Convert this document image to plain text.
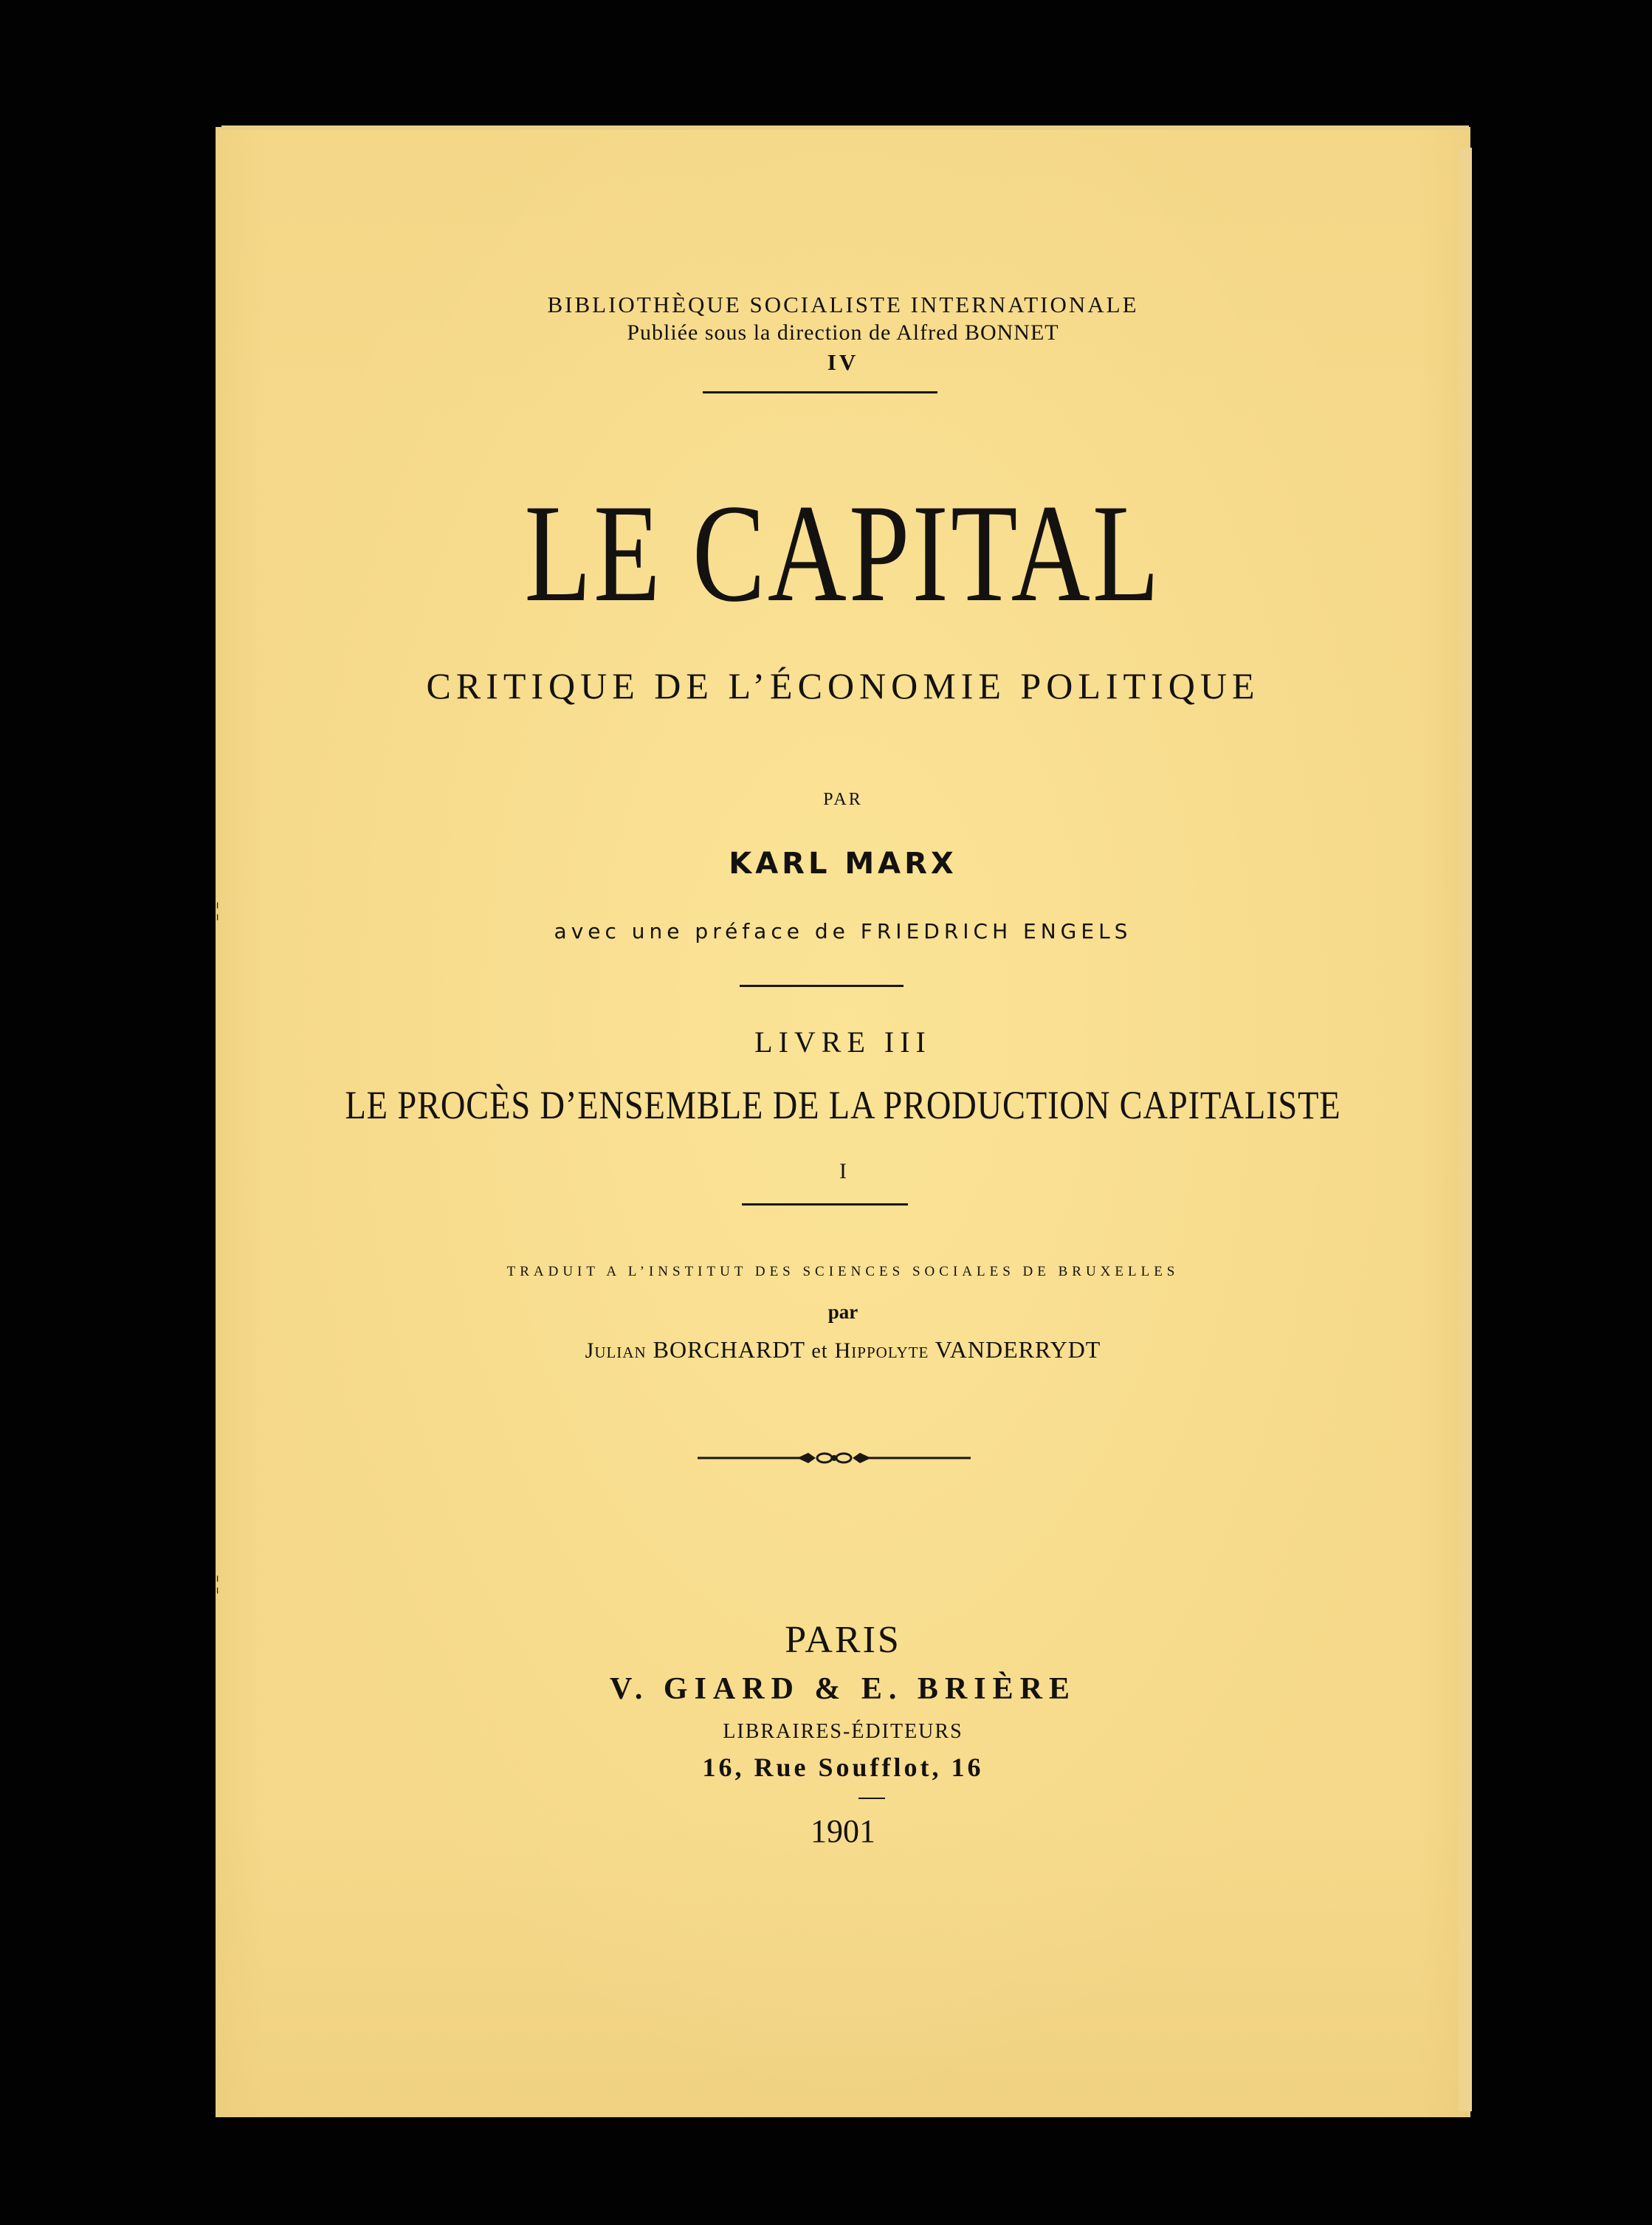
¦
¦
BIBLIOTHÈQUE SOCIALISTE INTERNATIONALE
Publiée sous la direction de Alfred BONNET
IV
LE CAPITAL
CRITIQUE DE L’ÉCONOMIE POLITIQUE
PAR
KARL MARX
avec une préface de FRIEDRICH ENGELS
LIVRE III
LE PROCÈS D’ENSEMBLE DE LA PRODUCTION CAPITALISTE
I
TRADUIT A L’INSTITUT DES SCIENCES SOCIALES DE BRUXELLES
par
Julian BORCHARDT et Hippolyte VANDERRYDT
PARIS
V. GIARD & E. BRIÈRE
LIBRAIRES-ÉDITEURS
16, Rue Soufflot, 16
1901
